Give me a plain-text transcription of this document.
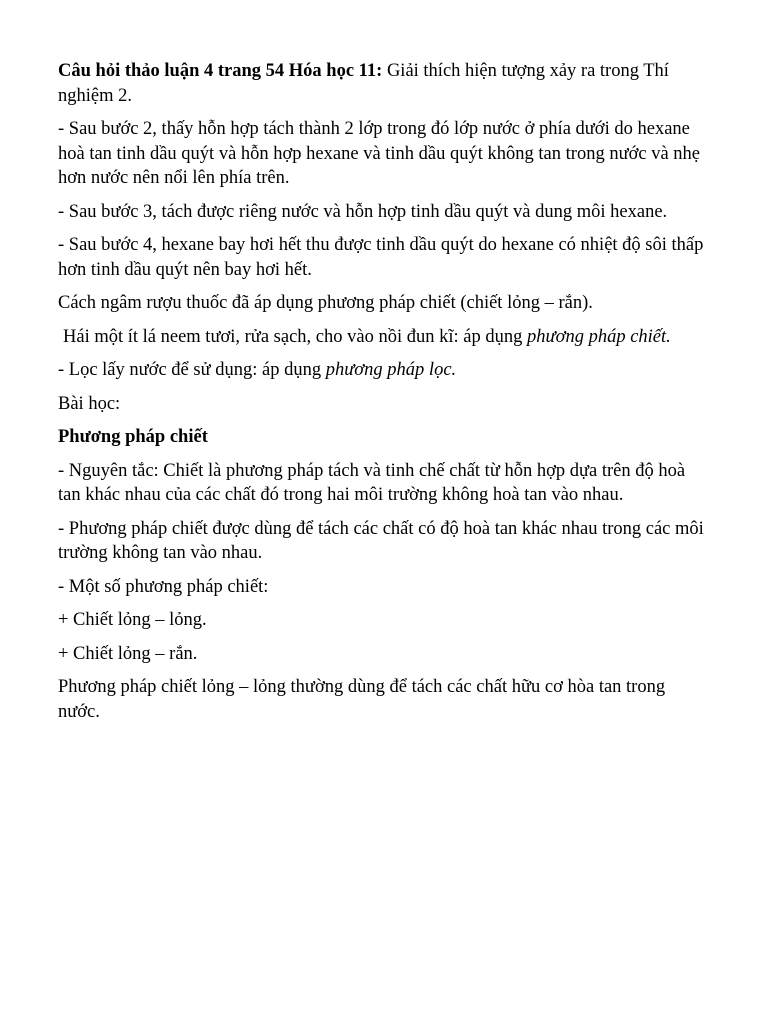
Câu hỏi thảo luận 4 trang 54 Hóa học 11: Giải thích hiện tượng xảy ra trong Thí nghiệm 2.

- Sau bước 2, thấy hỗn hợp tách thành 2 lớp trong đó lớp nước ở phía dưới do hexane hoà tan tinh dầu quýt và hỗn hợp hexane và tinh dầu quýt không tan trong nước và nhẹ hơn nước nên nổi lên phía trên.

- Sau bước 3, tách được riêng nước và hỗn hợp tinh dầu quýt và dung môi hexane.

- Sau bước 4, hexane bay hơi hết thu được tinh dầu quýt do hexane có nhiệt độ sôi thấp hơn tinh dầu quýt nên bay hơi hết.

Cách ngâm rượu thuốc đã áp dụng phương pháp chiết (chiết lỏng – rắn).

Hái một ít lá neem tươi, rửa sạch, cho vào nồi đun kĩ: áp dụng phương pháp chiết.

- Lọc lấy nước để sử dụng: áp dụng phương pháp lọc.

Bài học:

Phương pháp chiết

- Nguyên tắc: Chiết là phương pháp tách và tinh chế chất từ hỗn hợp dựa trên độ hoà tan khác nhau của các chất đó trong hai môi trường không hoà tan vào nhau.

- Phương pháp chiết được dùng để tách các chất có độ hoà tan khác nhau trong các môi trường không tan vào nhau.

- Một số phương pháp chiết:

+ Chiết lỏng – lỏng.

+ Chiết lỏng – rắn.

Phương pháp chiết lỏng – lỏng thường dùng để tách các chất hữu cơ hòa tan trong nước.
